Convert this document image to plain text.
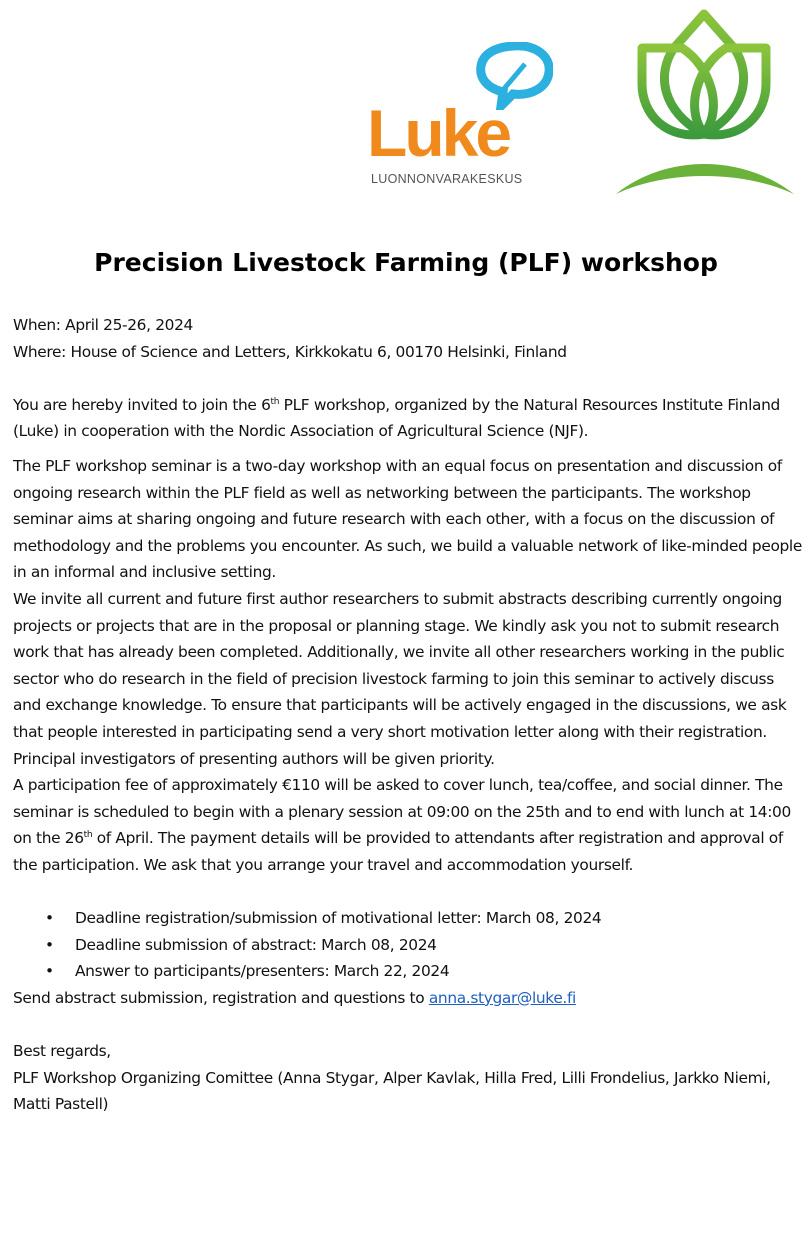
Luke
LUONNONVARAKESKUS
Precision Livestock Farming (PLF) workshop

When: April 25-26, 2024

Where: House of Science and Letters, Kirkkokatu 6, 00170 Helsinki, Finland

You are hereby invited to join the 6th PLF workshop, organized by the Natural Resources Institute Finland (Luke) in cooperation with the Nordic Association of Agricultural Science (NJF).

The PLF workshop seminar is a two-day workshop with an equal focus on presentation and discussion of ongoing research within the PLF field as well as networking between the participants. The workshop seminar aims at sharing ongoing and future research with each other, with a focus on the discussion of methodology and the problems you encounter. As such, we build a valuable network of like-minded people in an informal and inclusive setting.

We invite all current and future first author researchers to submit abstracts describing currently ongoing projects or projects that are in the proposal or planning stage. We kindly ask you not to submit research work that has already been completed. Additionally, we invite all other researchers working in the public sector who do research in the field of precision livestock farming to join this seminar to actively discuss and exchange knowledge. To ensure that participants will be actively engaged in the discussions, we ask that people interested in participating send a very short motivation letter along with their registration. Principal investigators of presenting authors will be given priority.

A participation fee of approximately €110 will be asked to cover lunch, tea/coffee, and social dinner. The seminar is scheduled to begin with a plenary session at 09:00 on the 25th and to end with lunch at 14:00 on the 26th of April. The payment details will be provided to attendants after registration and approval of the participation. We ask that you arrange your travel and accommodation yourself.

• Deadline registration/submission of motivational letter: March 08, 2024
• Deadline submission of abstract: March 08, 2024
• Answer to participants/presenters: March 22, 2024

Send abstract submission, registration and questions to anna.stygar@luke.fi

Best regards,

PLF Workshop Organizing Comittee (Anna Stygar, Alper Kavlak, Hilla Fred, Lilli Frondelius, Jarkko Niemi, Matti Pastell)
